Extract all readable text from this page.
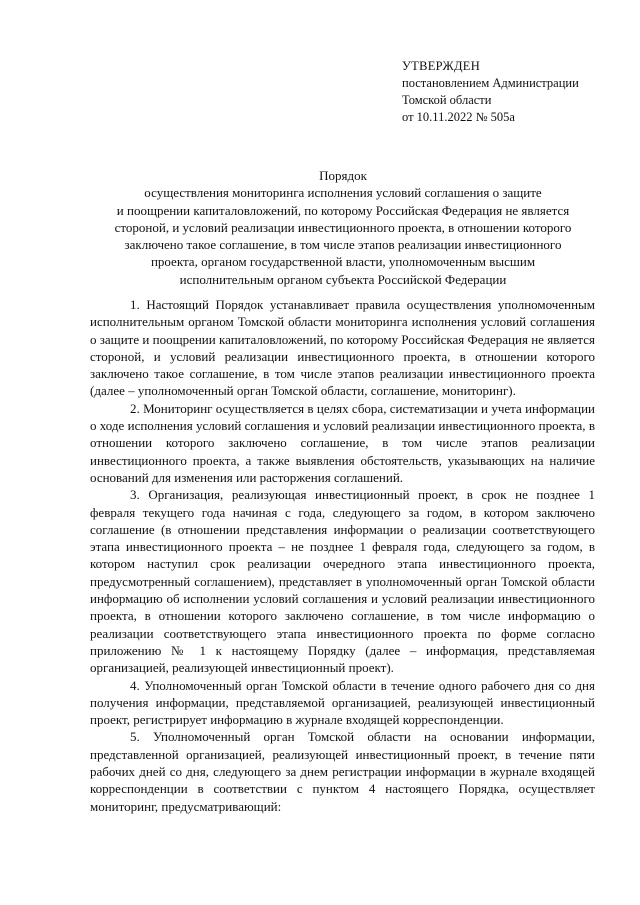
УТВЕРЖДЕН
постановлением Администрации
Томской области
от 10.11.2022 № 505а
Порядок
осуществления мониторинга исполнения условий соглашения о защите
и поощрении капиталовложений, по которому Российская Федерация не является
стороной, и условий реализации инвестиционного проекта, в отношении которого
заключено такое соглашение, в том числе этапов реализации инвестиционного
проекта, органом государственной власти, уполномоченным высшим
исполнительным органом субъекта Российской Федерации

1. Настоящий Порядок устанавливает правила осуществления уполномоченным исполнительным органом Томской области мониторинга исполнения условий соглашения о защите и поощрении капиталовложений, по которому Российская Федерация не является стороной, и условий реализации инвестиционного проекта, в отношении которого заключено такое соглашение, в том числе этапов реализации инвестиционного проекта (далее – уполномоченный орган Томской области, соглашение, мониторинг).

2. Мониторинг осуществляется в целях сбора, систематизации и учета информации о ходе исполнения условий соглашения и условий реализации инвестиционного проекта, в отношении которого заключено соглашение, в том числе этапов реализации инвестиционного проекта, а также выявления обстоятельств, указывающих на наличие оснований для изменения или расторжения соглашений.

3. Организация, реализующая инвестиционный проект, в срок не позднее 1 февраля текущего года начиная с года, следующего за годом, в котором заключено соглашение (в отношении представления информации о реализации соответствующего этапа инвестиционного проекта – не позднее 1 февраля года, следующего за годом, в котором наступил срок реализации очередного этапа инвестиционного проекта, предусмотренный соглашением), представляет в уполномоченный орган Томской области информацию об исполнении условий соглашения и условий реализации инвестиционного проекта, в отношении которого заключено соглашение, в том числе информацию о реализации соответствующего этапа инвестиционного проекта по форме согласно приложению № 1 к настоящему Порядку (далее – информация, представляемая организацией, реализующей инвестиционный проект).

4. Уполномоченный орган Томской области в течение одного рабочего дня со дня получения информации, представляемой организацией, реализующей инвестиционный проект, регистрирует информацию в журнале входящей корреспонденции.

5. Уполномоченный орган Томской области на основании информации, представленной организацией, реализующей инвестиционный проект, в течение пяти рабочих дней со дня, следующего за днем регистрации информации в журнале входящей корреспонденции в соответствии с пунктом 4 настоящего Порядка, осуществляет мониторинг, предусматривающий:
